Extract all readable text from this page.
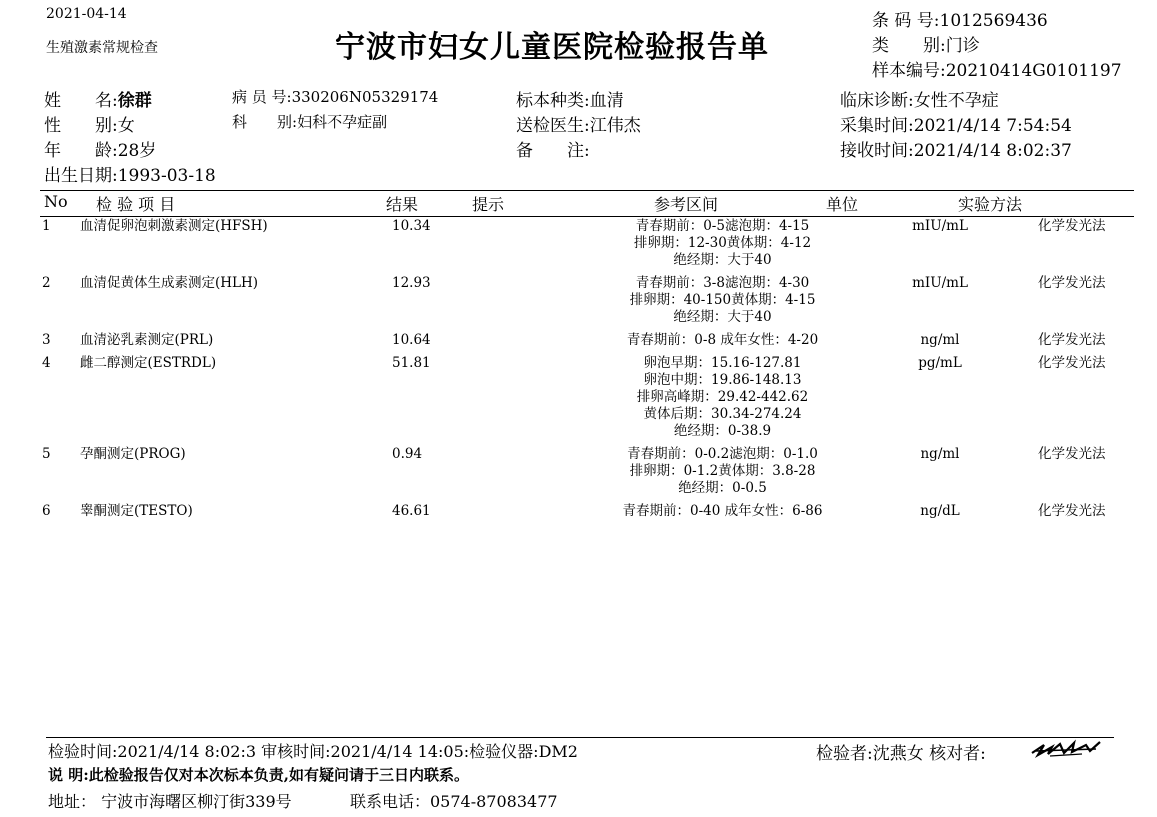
2021-04-14
生殖激素常规检查	宁波市妇女儿童医院检验报告单
条 码 号:1012569436
类　　别:门诊
样本编号:20210414G0101197
姓　　名:徐群
性　　别:女
年　　龄:28岁
出生日期:1993-03-18
病 员 号:330206N05329174
科　　别:妇科不孕症副
标本种类:血清
送检医生:江伟杰
备　　注:
临床诊断:女性不孕症
采集时间:2021/4/14 7:54:54
接收时间:2021/4/14 8:02:37
No 检 验 项 目	结果	提示	参考区间	单位	实验方法
1	血清促卵泡刺激素测定(HFSH)	10.34		青春期前：0-5滤泡期：4-15
排卵期：12-30黄体期：4-12
绝经期：大于40	mIU/mL	化学发光法
2	血清促黄体生成素测定(HLH)	12.93		青春期前：3-8滤泡期：4-30
排卵期：40-150黄体期：4-15
绝经期：大于40	mIU/mL	化学发光法
3	血清泌乳素测定(PRL)	10.64		青春期前：0-8 成年女性：4-20	ng/ml	化学发光法
4	雌二醇测定(ESTRDL)	51.81		卵泡早期：15.16-127.81
卵泡中期：19.86-148.13
排卵高峰期：29.42-442.62
黄体后期：30.34-274.24
绝经期：0-38.9	pg/mL	化学发光法
5	孕酮测定(PROG)	0.94		青春期前：0-0.2滤泡期：0-1.0
排卵期：0-1.2黄体期：3.8-28
绝经期：0-0.5	ng/ml	化学发光法
6	睾酮测定(TESTO)	46.61		青春期前：0-40 成年女性：6-86	ng/dL	化学发光法
检验时间:2021/4/14 8:02:3 审核时间:2021/4/14 14:05:检验仪器:DM2	检验者:沈燕女 核对者:
说 明:此检验报告仅对本次标本负责,如有疑问请于三日内联系。
地址： 宁波市海曙区柳汀街339号	联系电话：0574-87083477
